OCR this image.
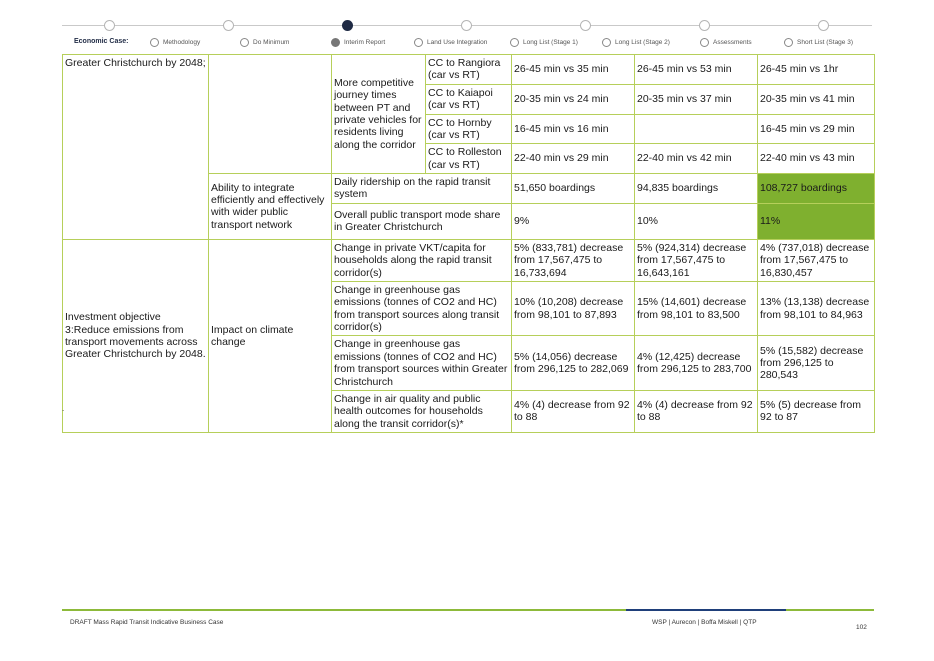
Economic Case:	Methodology	Do Minimum	Interim Report	Land Use Integration	Long List (Stage 1)	Long List (Stage 2)	Assessments	Short List (Stage 3)
Greater Christchurch by 2048;		More competitive journey times between PT and private vehicles for residents living along the corridor	CC to Rangiora (car vs RT)	26-45 min vs 35 min	26-45 min vs 53 min	26-45 min vs 1hr
			CC to Kaiapoi (car vs RT)	20-35 min vs 24 min	20-35 min vs 37 min	20-35 min vs 41 min
			CC to Hornby (car vs RT)	16-45 min vs 16 min		16-45 min vs 29 min
			CC to Rolleston (car vs RT)	22-40 min vs 29 min	22-40 min vs 42 min	22-40 min vs 43 min
	Ability to integrate efficiently and effectively with wider public transport network	Daily ridership on the rapid transit system		51,650 boardings	94,835 boardings	108,727 boardings
		Overall public transport mode share in Greater Christchurch		9%	10%	11%
Investment objective 3:Reduce emissions from transport movements across Greater Christchurch by 2048.	Impact on climate change	Change in private VKT/capita for households along the rapid transit corridor(s)		5% (833,781) decrease from 17,567,475 to 16,733,694	5% (924,314) decrease from 17,567,475 to 16,643,161	4% (737,018) decrease from 17,567,475 to 16,830,457
		Change in greenhouse gas emissions (tonnes of CO2 and HC) from transport sources along transit corridor(s)		10% (10,208) decrease from 98,101 to 87,893	15% (14,601) decrease from 98,101 to 83,500	13% (13,138) decrease from 98,101 to 84,963
		Change in greenhouse gas emissions (tonnes of CO2 and HC) from transport sources within Greater Christchurch		5% (14,056) decrease from 296,125 to 282,069	4% (12,425) decrease from 296,125 to 283,700	5% (15,582) decrease from 296,125 to 280,543
		Change in air quality and public health outcomes for households along the transit corridor(s)*		4% (4) decrease from 92 to 88	4% (4) decrease from 92 to 88	5% (5) decrease from 92 to 87
.
DRAFT Mass Rapid Transit Indicative Business Case	WSP | Aurecon | Boffa Miskell | QTP
102
